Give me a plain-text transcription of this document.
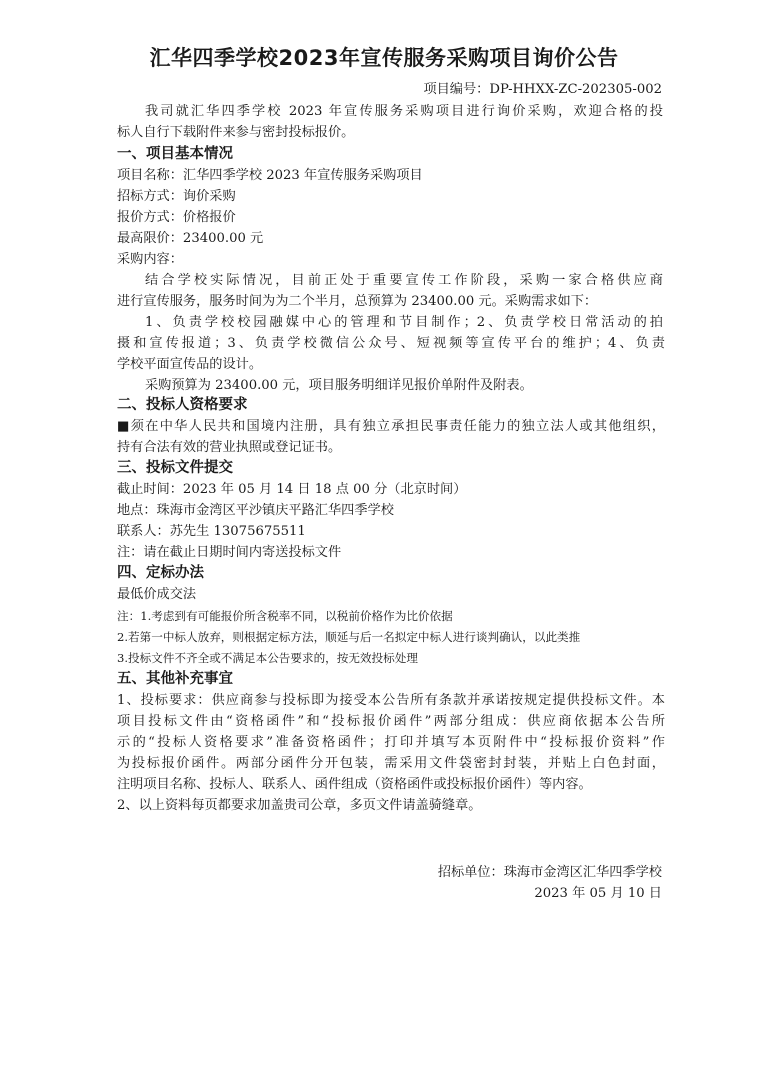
汇华四季学校2023年宣传服务采购项目询价公告
项目编号：DP-HHXX-ZC-202305-002
我司就汇华四季学校 2023 年宣传服务采购项目进行询价采购，欢迎合格的投
标人自行下载附件来参与密封投标报价。
一、项目基本情况
项目名称：汇华四季学校 2023 年宣传服务采购项目
招标方式：询价采购
报价方式：价格报价
最高限价：23400.00 元
采购内容：
结合学校实际情况，目前正处于重要宣传工作阶段，采购一家合格供应商
进行宣传服务，服务时间为为二个半月，总预算为 23400.00 元。采购需求如下：
1、负责学校校园融媒中心的管理和节目制作；2、负责学校日常活动的拍
摄和宣传报道；3、负责学校微信公众号、短视频等宣传平台的维护；4、负责
学校平面宣传品的设计。
采购预算为 23400.00 元，项目服务明细详见报价单附件及附表。
二、投标人资格要求
■须在中华人民共和国境内注册，具有独立承担民事责任能力的独立法人或其他组织，
持有合法有效的营业执照或登记证书。
三、投标文件提交
截止时间：2023 年 05 月 14 日 18 点 00 分（北京时间）
地点：珠海市金湾区平沙镇庆平路汇华四季学校
联系人：苏先生 13075675511
注：请在截止日期时间内寄送投标文件
四、定标办法
最低价成交法
注：1.考虑到有可能报价所含税率不同，以税前价格作为比价依据
2.若第一中标人放弃，则根据定标方法，顺延与后一名拟定中标人进行谈判确认，以此类推
3.投标文件不齐全或不满足本公告要求的，按无效投标处理
五、其他补充事宜
1、投标要求：供应商参与投标即为接受本公告所有条款并承诺按规定提供投标文件。本
项目投标文件由“资格函件”和“投标报价函件”两部分组成：供应商依据本公告所
示的“投标人资格要求”准备资格函件；打印并填写本页附件中“投标报价资料”作
为投标报价函件。两部分函件分开包装，需采用文件袋密封封装，并贴上白色封面，
注明项目名称、投标人、联系人、函件组成（资格函件或投标报价函件）等内容。
2、以上资料每页都要求加盖贵司公章，多页文件请盖骑缝章。
招标单位：珠海市金湾区汇华四季学校
2023 年 05 月 10 日
